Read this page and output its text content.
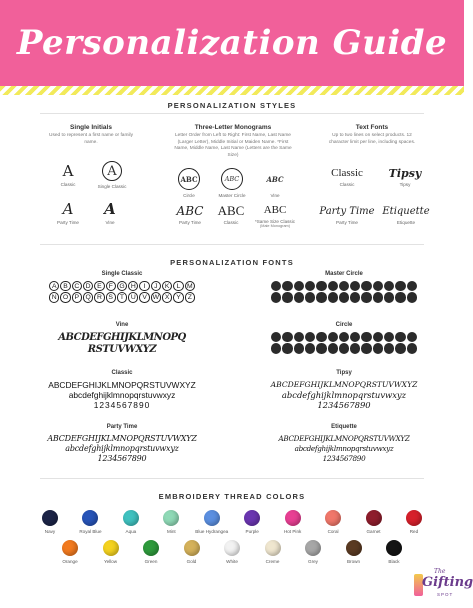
Personalization Guide
PERSONALIZATION STYLES
Single Initials
Used to represent a first name or family name.
A
Classic
A
Single Classic
A
Party Time
A
Vine
Three-Letter Monograms
Letter Order from Left to Right: First Name, Last Name (Larger Letter), Middle Initial or Maiden Name. *First Name, Middle Name, Last Name (Letters are the Same Size)
ABC
Circle
ABC
Master Circle
ABC
Vine
ABC
Party Time
ABC
Classic
ABC
*Same Size Classic
(Male Monogram)
Text Fonts
Up to two lines on select products. 12 character limit per line, including spaces.
Classic
Classic
Tipsy
Tipsy
Party Time
Party Time
Etiquette
Etiquette
PERSONALIZATION FONTS
Single Classic
A B C D E	F G H	I	J	K	L M
N O P Q R S	T U V W X Y	Z
Master Circle
Vine
ABCDEFGHIJKLMNOPQ
RSTUVWXYZ
Circle
Classic
ABCDEFGHIJKLMNOPQRSTUVWXYZ
abcdefghijklmnopqrstuvwxyz
1234567890
Tipsy
ABCDEFGHIJKLMNOPQRSTUVWXYZ
abcdefghijklmnopqrstuvwxyz
1234567890
Party Time
ABCDEFGHIJKLMNOPQRSTUVWXYZ
abcdefghijklmnopqrstuvwxyz
1234567890
Etiquette
ABCDEFGHIJKLMNOPQRSTUVWXYZ
abcdefghijklmnopqrstuvwxyz
1234567890
EMBROIDERY THREAD COLORS
Navy	Royal Blue	Aqua	Mint	Blue Hydrangea	Purple	Hot Pink	Coral	Garnet	Red
Orange	Yellow	Green	Gold	White	Creme	Grey	Brown	Black
The
Gifting
SPOT
